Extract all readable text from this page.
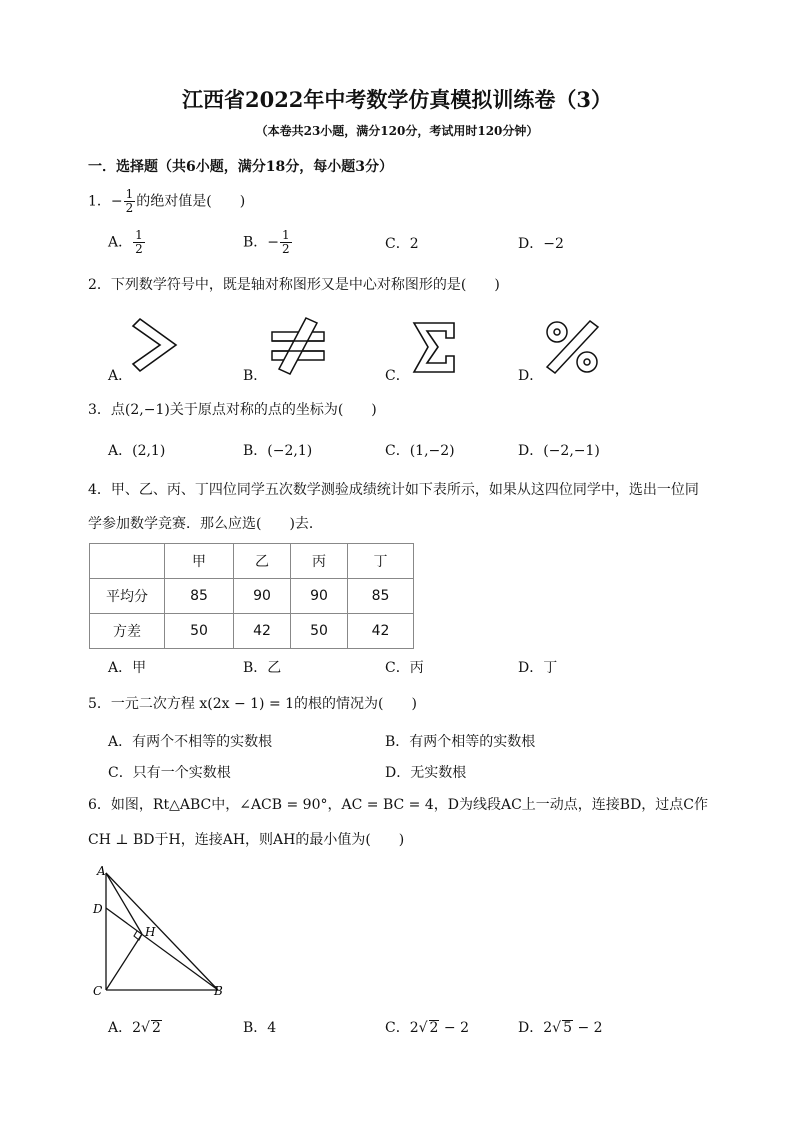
江西省2022年中考数学仿真模拟训练卷（3）
（本卷共23小题，满分120分，考试用时120分钟）
一．选择题（共6小题，满分18分，每小题3分）
1．− $\frac{1}{2}$ 的绝对值是(　　)
A． $\frac{1}{2}$	B．− $\frac{1}{2}$	C．2	D．−2
2．下列数学符号中，既是轴对称图形又是中心对称图形的是(　　)
A．	B．	C．	D．
3．点(2,−1)关于原点对称的点的坐标为(　　)
A．(2,1)	B．(−2,1)	C．(1,−2)	D．(−2,−1)
4．甲、乙、丙、丁四位同学五次数学测验成绩统计如下表所示，如果从这四位同学中，选出一位同
学参加数学竞赛．那么应选(　　)去．
	甲	乙	丙	丁
平均分	85	90	90	85
方差	50	42	50	42
A．甲	B．乙	C．丙	D．丁
5．一元二次方程 x(2x − 1) = 1的根的情况为(　　)
A．有两个不相等的实数根	B．有两个相等的实数根
C．只有一个实数根	D．无实数根
6．如图，Rt△ABC中，∠ACB = 90°，AC = BC = 4，D为线段AC上一动点，连接BD，过点C作
CH ⊥ BD于H，连接AH，则AH的最小值为(　　)
A
D
H
C	B
A．2√ 2	B．4	C．2√ 2 − 2	D．2√ 5 − 2
